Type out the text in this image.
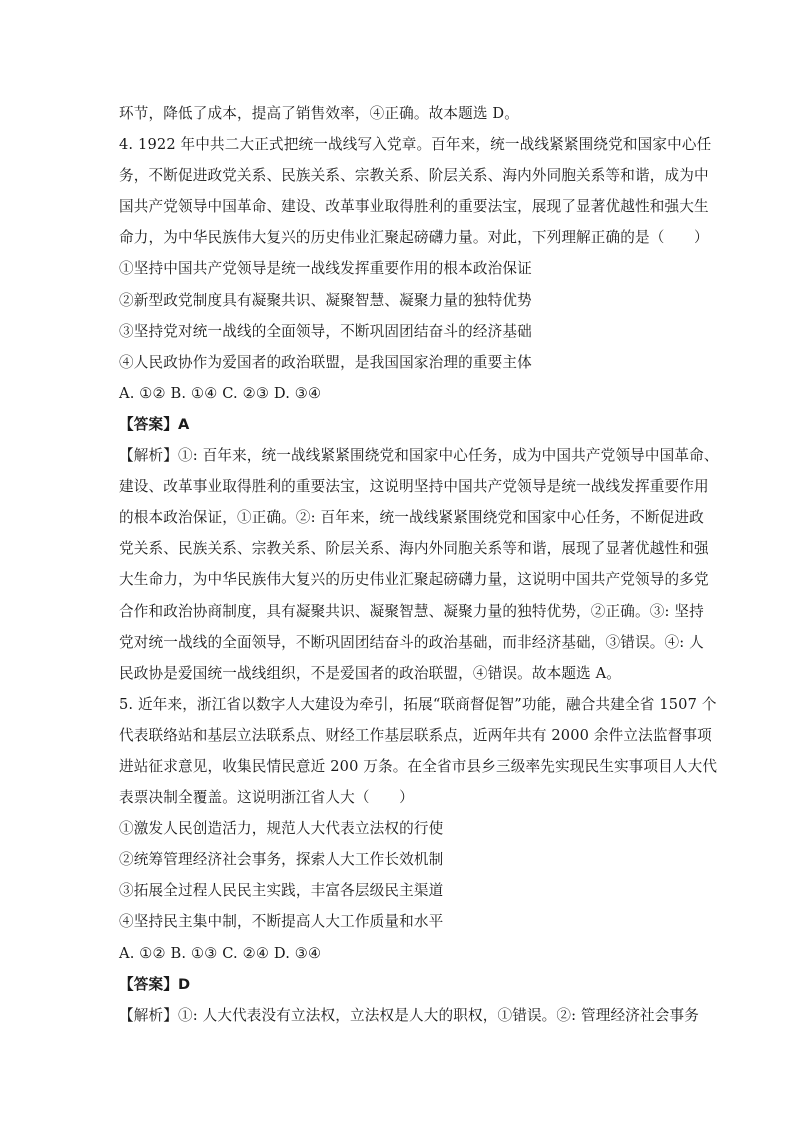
环节，降低了成本，提高了销售效率，④正确。故本题选 D。
4. 1922 年中共二大正式把统一战线写入党章。百年来，统一战线紧紧围绕党和国家中心任
务，不断促进政党关系、民族关系、宗教关系、阶层关系、海内外同胞关系等和谐，成为中
国共产党领导中国革命、建设、改革事业取得胜利的重要法宝，展现了显著优越性和强大生
命力，为中华民族伟大复兴的历史伟业汇聚起磅礴力量。对此，下列理解正确的是（　　）
①坚持中国共产党领导是统一战线发挥重要作用的根本政治保证
②新型政党制度具有凝聚共识、凝聚智慧、凝聚力量的独特优势
③坚持党对统一战线的全面领导，不断巩固团结奋斗的经济基础
④人民政协作为爱国者的政治联盟，是我国国家治理的重要主体
A. ①② B. ①④ C. ②③ D. ③④
【答案】A
【解析】①: 百年来，统一战线紧紧围绕党和国家中心任务，成为中国共产党领导中国革命、
建设、改革事业取得胜利的重要法宝，这说明坚持中国共产党领导是统一战线发挥重要作用
的根本政治保证，①正确。②: 百年来，统一战线紧紧围绕党和国家中心任务，不断促进政
党关系、民族关系、宗教关系、阶层关系、海内外同胞关系等和谐，展现了显著优越性和强
大生命力，为中华民族伟大复兴的历史伟业汇聚起磅礴力量，这说明中国共产党领导的多党
合作和政治协商制度，具有凝聚共识、凝聚智慧、凝聚力量的独特优势，②正确。③: 坚持
党对统一战线的全面领导，不断巩固团结奋斗的政治基础，而非经济基础，③错误。④: 人
民政协是爱国统一战线组织，不是爱国者的政治联盟，④错误。故本题选 A。
5. 近年来，浙江省以数字人大建设为牵引，拓展“联商督促智”功能，融合共建全省 1507 个
代表联络站和基层立法联系点、财经工作基层联系点，近两年共有 2000 余件立法监督事项
进站征求意见，收集民情民意近 200 万条。在全省市县乡三级率先实现民生实事项目人大代
表票决制全覆盖。这说明浙江省人大（　　）
①激发人民创造活力，规范人大代表立法权的行使
②统筹管理经济社会事务，探索人大工作长效机制
③拓展全过程人民民主实践，丰富各层级民主渠道
④坚持民主集中制，不断提高人大工作质量和水平
A. ①② B. ①③ C. ②④ D. ③④
【答案】D
【解析】①: 人大代表没有立法权，立法权是人大的职权，①错误。②: 管理经济社会事务
